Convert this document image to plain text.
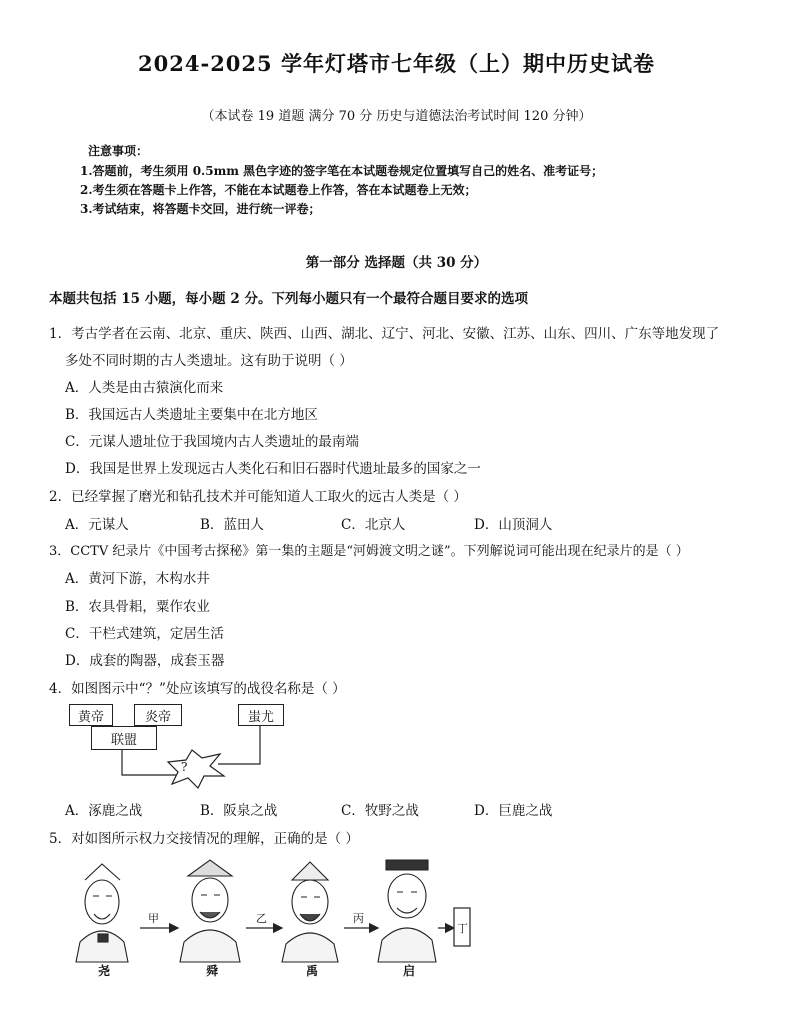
2024-2025 学年灯塔市七年级（上）期中历史试卷
（本试卷 19 道题 满分 70 分 历史与道德法治考试时间 120 分钟）
注意事项：
1.答题前，考生须用 0.5mm 黑色字迹的签字笔在本试题卷规定位置填写自己的姓名、准考证号；
2.考生须在答题卡上作答，不能在本试题卷上作答，答在本试题卷上无效；
3.考试结束，将答题卡交回，进行统一评卷；
第一部分 选择题（共 30 分）
本题共包括 15 小题，每小题 2 分。下列每小题只有一个最符合题目要求的选项
1．考古学者在云南、北京、重庆、陕西、山西、湖北、辽宁、河北、安徽、江苏、山东、四川、广东等地发现了
多处不同时期的古人类遗址。这有助于说明（ ）
A．人类是由古猿演化而来
B．我国远古人类遗址主要集中在北方地区
C．元谋人遗址位于我国境内古人类遗址的最南端
D．我国是世界上发现远古人类化石和旧石器时代遗址最多的国家之一
2．已经掌握了磨光和钻孔技术并可能知道人工取火的远古人类是（ ）
A．元谋人	B．蓝田人	C．北京人	D．山顶洞人
3．CCTV 纪录片《中国考古探秘》第一集的主题是“河姆渡文明之谜”。下列解说词可能出现在纪录片的是（ ）
A．黄河下游，木构水井
B．农具骨耜，粟作农业
C．干栏式建筑，定居生活
D．成套的陶器，成套玉器
4．如图图示中“？”处应该填写的战役名称是（ ）
黄帝	炎帝	蚩尤
联盟
?
A．涿鹿之战	B．阪泉之战	C．牧野之战	D．巨鹿之战
5．对如图所示权力交接情况的理解，正确的是（ ）
甲	乙	丙
丁
尧	舜	禹	启
